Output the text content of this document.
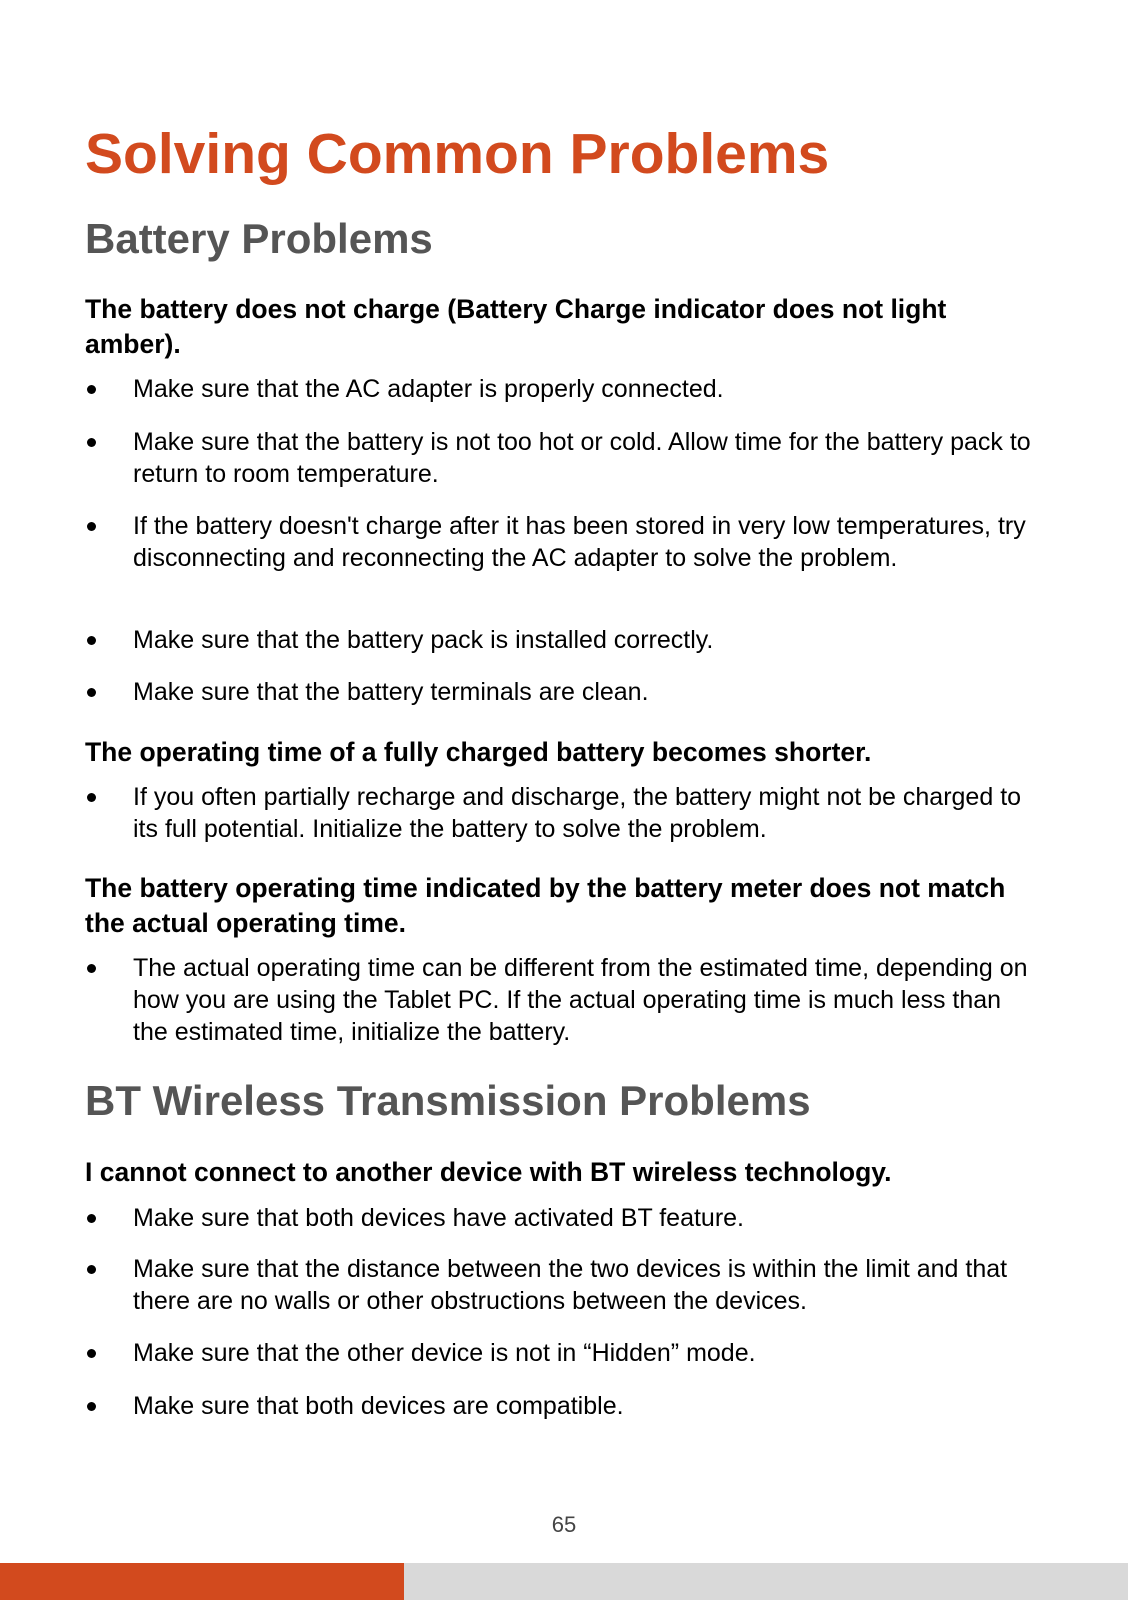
Solving Common Problems
Battery Problems
The battery does not charge (Battery Charge indicator does not light amber).
Make sure that the AC adapter is properly connected.
Make sure that the battery is not too hot or cold. Allow time for the battery pack to return to room temperature.
If the battery doesn't charge after it has been stored in very low temperatures, try disconnecting and reconnecting the AC adapter to solve the problem.
Make sure that the battery pack is installed correctly.
Make sure that the battery terminals are clean.
The operating time of a fully charged battery becomes shorter.
If you often partially recharge and discharge, the battery might not be charged to its full potential. Initialize the battery to solve the problem.
The battery operating time indicated by the battery meter does not match the actual operating time.
The actual operating time can be different from the estimated time, depending on how you are using the Tablet PC. If the actual operating time is much less than the estimated time, initialize the battery.
BT Wireless Transmission Problems
I cannot connect to another device with BT wireless technology.
Make sure that both devices have activated BT feature.
Make sure that the distance between the two devices is within the limit and that there are no walls or other obstructions between the devices.
Make sure that the other device is not in “Hidden” mode.
Make sure that both devices are compatible.
65
